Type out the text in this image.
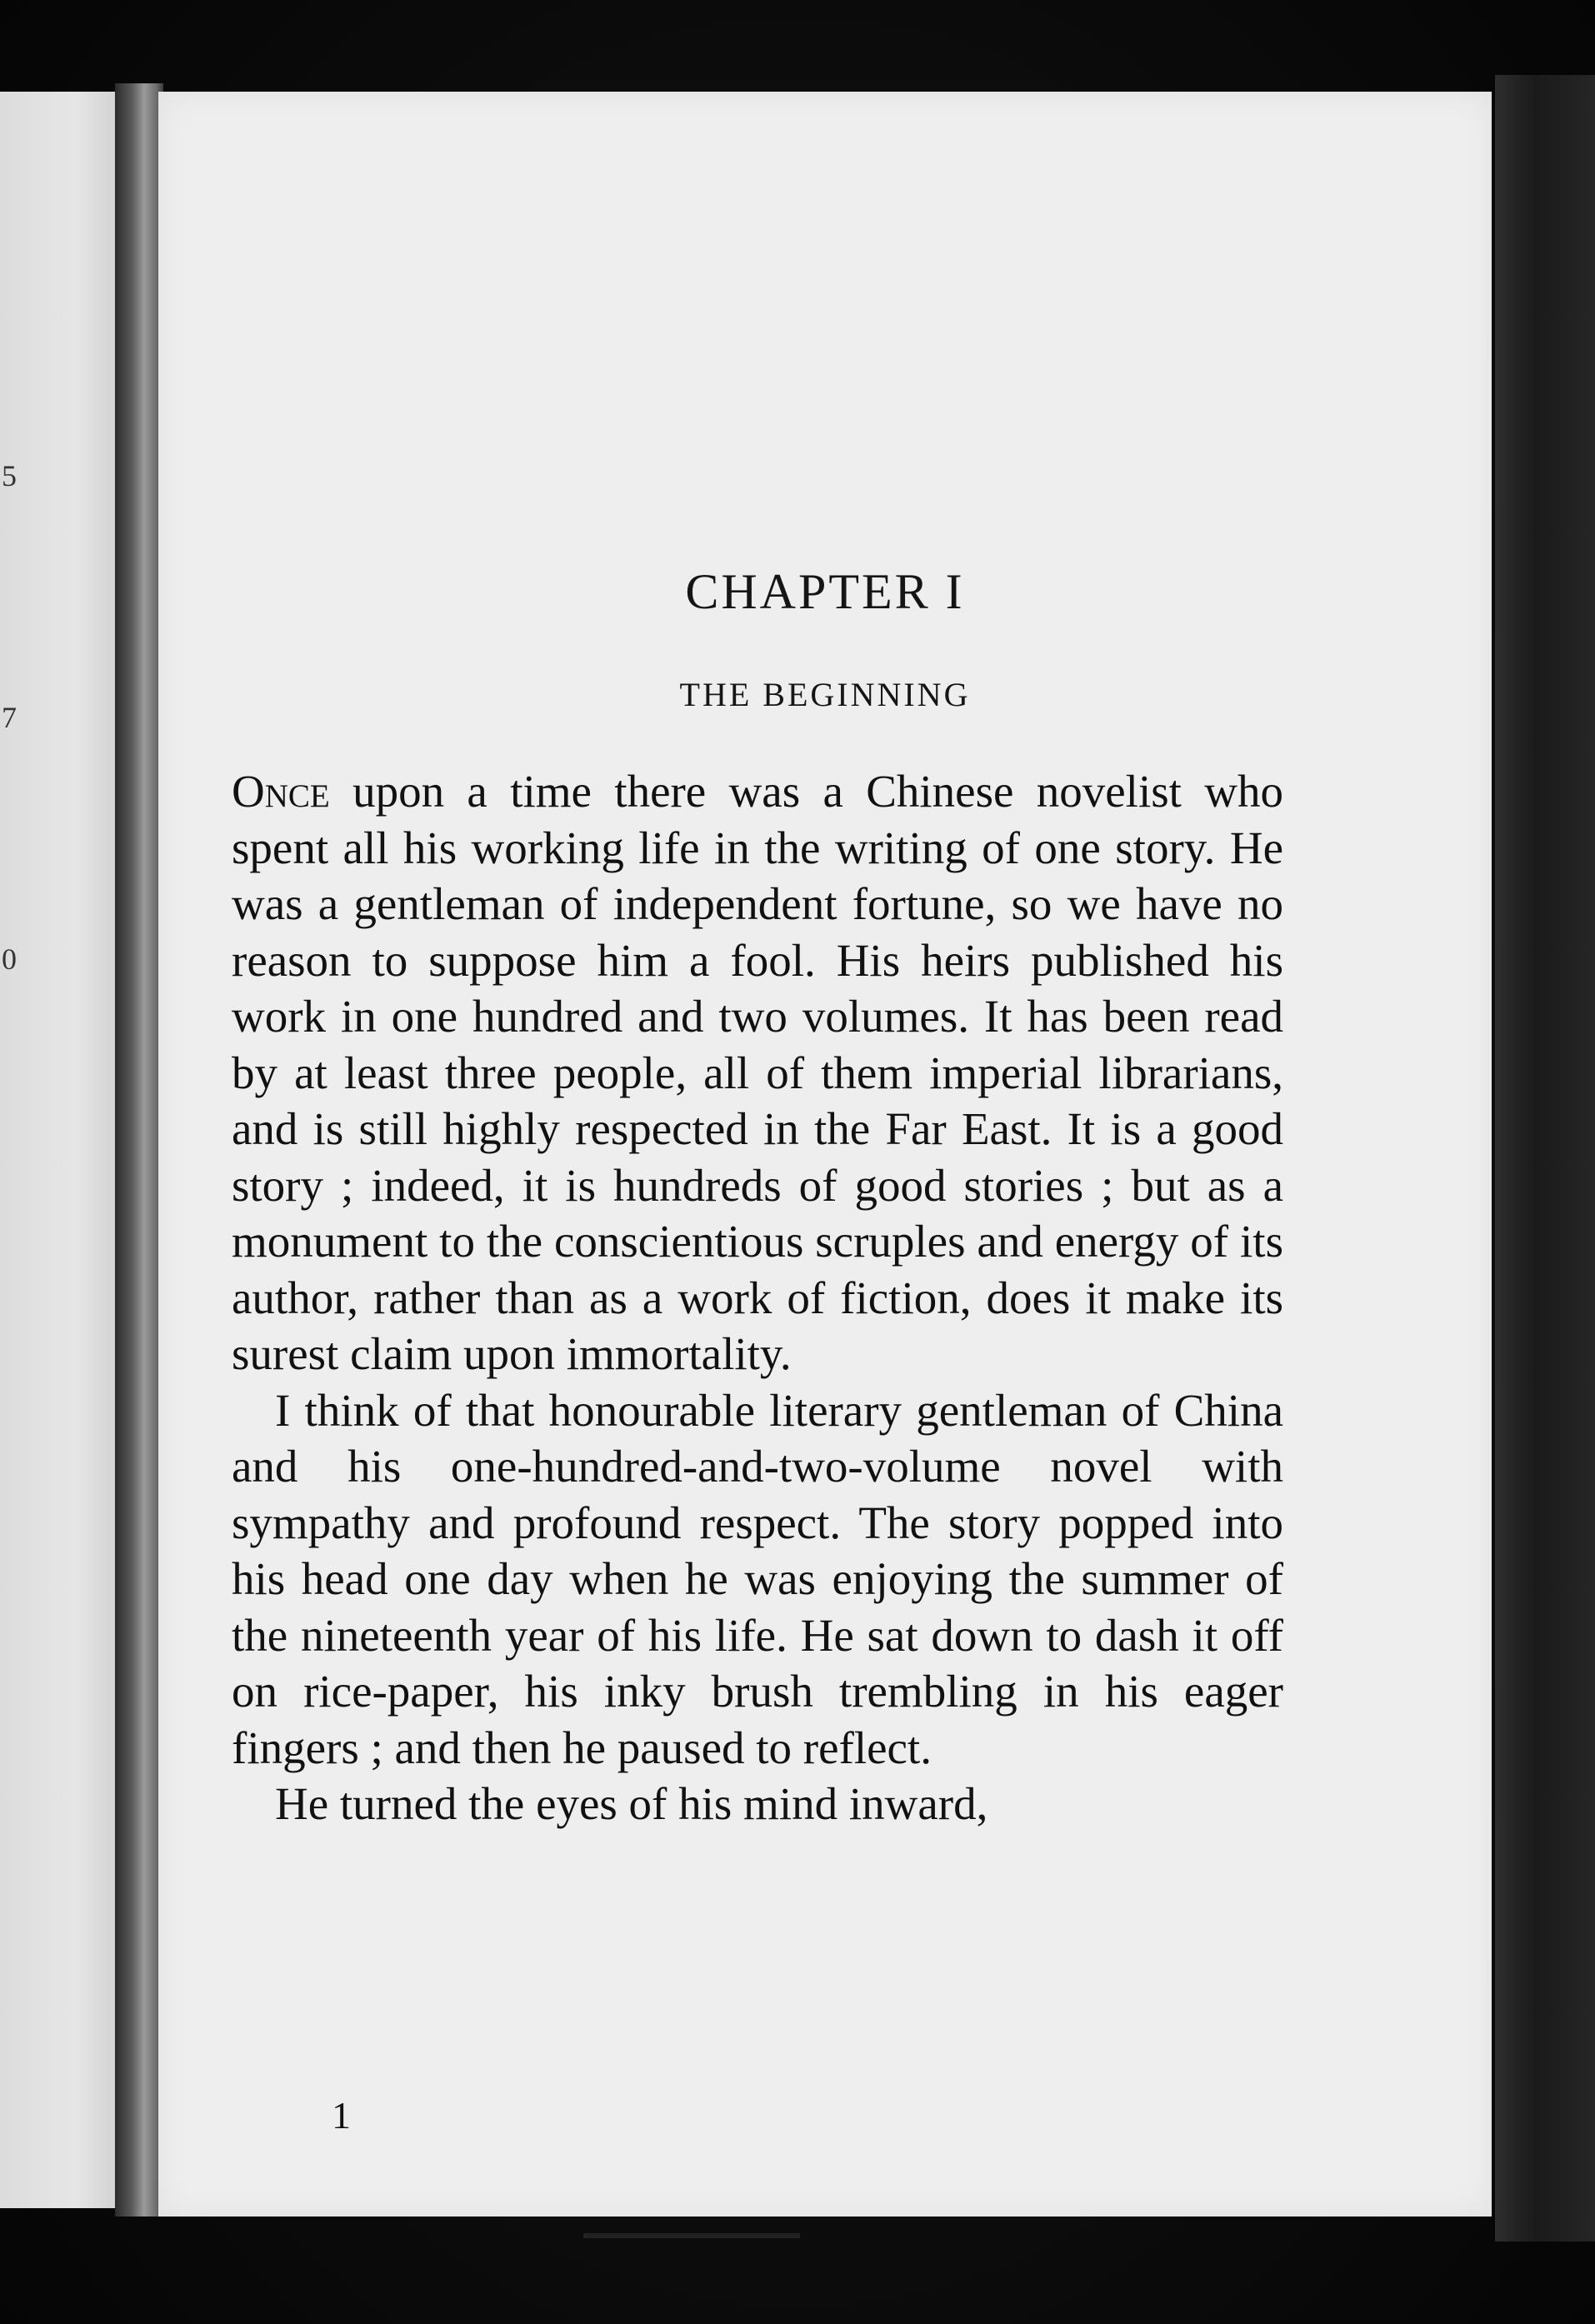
5
7
0
CHAPTER I
THE BEGINNING

Once upon a time there was a Chinese novelist who spent all his working life in the writing of one story. He was a gentleman of independent fortune, so we have no reason to suppose him a fool. His heirs published his work in one hundred and two volumes. It has been read by at least three people, all of them imperial librarians, and is still highly respected in the Far East. It is a good story ; indeed, it is hundreds of good stories ; but as a monument to the conscientious scruples and energy of its author, rather than as a work of fiction, does it make its surest claim upon immortality.

I think of that honourable literary gentleman of China and his one-hundred-and-two-volume novel with sympathy and profound respect. The story popped into his head one day when he was enjoying the summer of the nineteenth year of his life. He sat down to dash it off on rice-paper, his inky brush trembling in his eager fingers ; and then he paused to reflect.

He turned the eyes of his mind inward,

1
